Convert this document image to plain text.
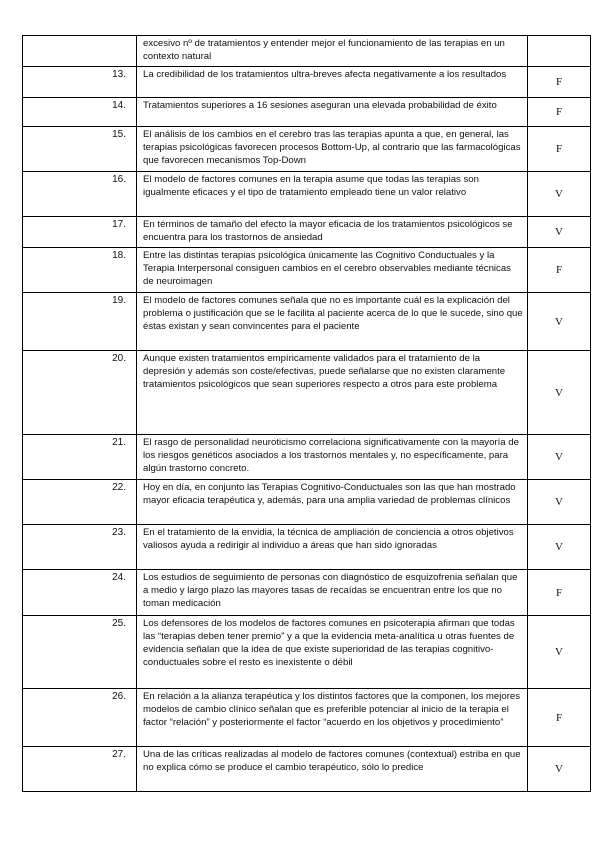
	excesivo nº de tratamientos y entender mejor el funcionamiento de las terapias en un contexto natural	
13.	La credibilidad de los tratamientos ultra-breves afecta negativamente a los resultados	F
14.	Tratamientos superiores a 16 sesiones aseguran una elevada probabilidad de éxito	F
15.	El análisis de los cambios en el cerebro tras las terapias apunta a que, en general, las terapias psicológicas favorecen procesos Bottom-Up, al contrario que las farmacológicas que favorecen mecanismos Top-Down	F
16.	El modelo de factores comunes en la terapia asume que todas las terapias son igualmente eficaces y el tipo de tratamiento empleado tiene un valor relativo	V
17.	En términos de tamaño del efecto la mayor eficacia de los tratamientos psicológicos se encuentra para los trastornos de ansiedad	V
18.	Entre las distintas terapias psicológica únicamente las Cognitivo Conductuales y la Terapia Interpersonal consiguen cambios en el cerebro observables mediante técnicas de neuroimagen	F
19.	El modelo de factores comunes señala que no es importante cuál es la explicación del problema o justificación que se le facilita al paciente acerca de lo que le sucede, sino que éstas existan y sean convincentes para el paciente	V
20.	Aunque existen tratamientos empíricamente validados para el tratamiento de la depresión y además son coste/efectivas, puede señalarse que no existen claramente tratamientos psicológicos que sean superiores respecto a otros para este problema	V
21.	El rasgo de personalidad neuroticismo correlaciona significativamente con la mayoría de los riesgos genéticos asociados a los trastornos mentales y, no específicamente, para algún trastorno concreto.	V
22.	Hoy en día, en conjunto las Terapias Cognitivo-Conductuales son las que han mostrado mayor eficacia terapéutica y, además, para una amplia variedad de problemas clínicos	V
23.	En el tratamiento de la envidia, la técnica de ampliación de conciencia a otros objetivos valiosos ayuda a redirigir al individuo a áreas que han sido ignoradas	V
24.	Los estudios de seguimiento de personas con diagnóstico de esquizofrenia señalan que a medio y largo plazo las mayores tasas de recaídas se encuentran entre los que no toman medicación	F
25.	Los defensores de los modelos de factores comunes en psicoterapia afirman que todas las “terapias deben tener premio” y a que la evidencia meta-analítica u otras fuentes de evidencia señalan que la idea de que existe superioridad de las terapias cognitivo-conductuales sobre el resto es inexistente o débil	V
26.	En relación a la alianza terapéutica y los distintos factores que la componen, los mejores modelos de cambio clínico señalan que es preferible potenciar al inicio de la terapia el factor “relación” y posteriormente el factor “acuerdo en los objetivos y procedimiento”	F
27.	Una de las críticas realizadas al modelo de factores comunes (contextual) estriba en que no explica cómo se produce el cambio terapéutico, sólo lo predice	V
